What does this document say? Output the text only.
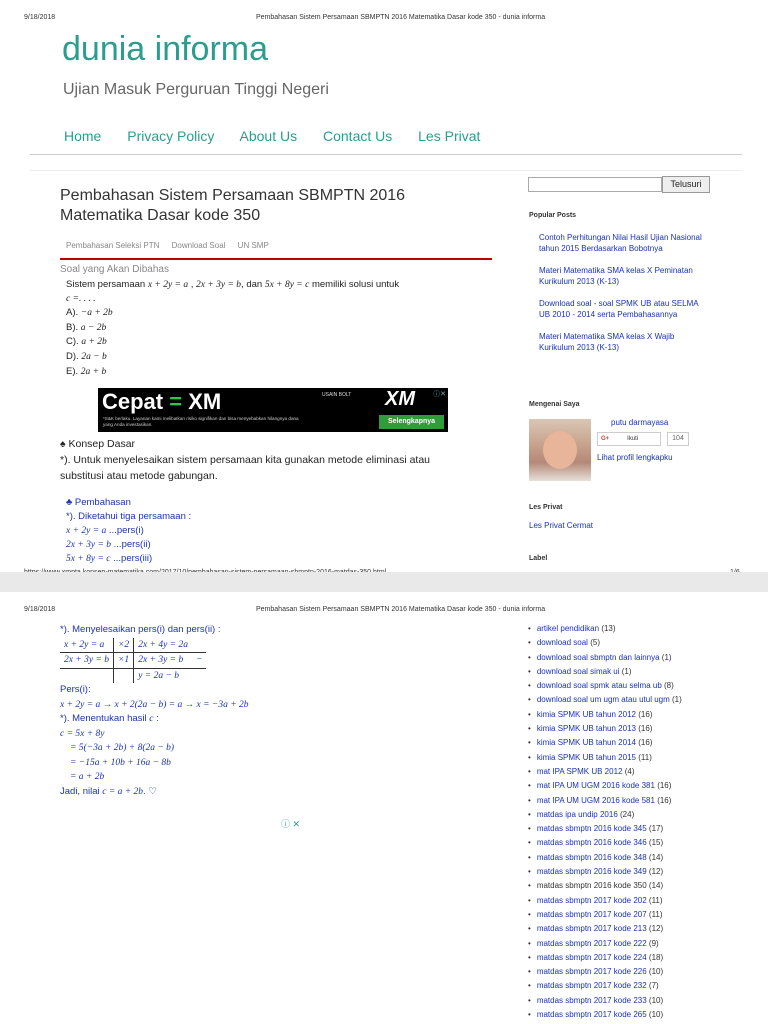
9/18/2018	Pembahasan Sistem Persamaan SBMPTN 2016 Matematika Dasar kode 350 - dunia informa
dunia informa
Ujian Masuk Perguruan Tinggi Negeri
Home Privacy Policy About Us Contact Us Les Privat
Pembahasan Sistem Persamaan SBMPTN 2016 Matematika Dasar kode 350
Pembahasan Seleksi PTN Download Soal UN SMP
Soal yang Akan Dibahas
Sistem persamaan x + 2y = a , 2x + 3y = b, dan 5x + 8y = c memiliki solusi untuk
c =. . . .
A). −a + 2b
B). a − 2b
C). a + 2b
D). 2a − b
E). 2a + b
Cepat = XM
*S&K berlaku. Layanan kami melibatkan risiko signifikan dan bisa menyebabkan hilangnya dana yang Anda investasikan.
USAIN BOLT XM
Selengkapnya
ⓘ✕
♠ Konsep Dasar
*). Untuk menyelesaikan sistem persamaan kita gunakan metode eliminasi atau substitusi atau metode gabungan.
♣ Pembahasan
*). Diketahui tiga persamaan :
x + 2y = a ...pers(i)
2x + 3y = b ...pers(ii)
5x + 8y = c ...pers(iii)
Telusuri
Popular Posts
Contoh Perhitungan Nilai Hasil Ujian Nasional tahun 2015 Berdasarkan Bobotnya
Materi Matematika SMA kelas X Peminatan Kurikulum 2013 (K-13)
Download soal - soal SPMK UB atau SELMA UB 2010 - 2014 serta Pembahasannya
Materi Matematika SMA kelas X Wajib Kurikulum 2013 (K-13)
Mengenai Saya
putu darmayasa
G+	Ikuti	104
Lihat profil lengkapku
Les Privat
Les Privat Cermat
Label
9/18/2018	Pembahasan Sistem Persamaan SBMPTN 2016 Matematika Dasar kode 350 - dunia informa
*). Menyelesaikan pers(i) dan pers(ii) :
x + 2y = a	×2	2x + 4y = 2a	
2x + 3y = b	×1	2x + 3y = b	−
		y = 2a − b	
Pers(i):
x + 2y = a → x + 2(2a − b) = a → x = −3a + 2b
*). Menentukan hasil c :
c = 5x + 8y
= 5(−3a + 2b) + 8(2a − b)
= −15a + 10b + 16a − 8b
= a + 2b
Jadi, nilai c = a + 2b. ♡
ⓘ ✕
• artikel pendidikan (13)
• download soal (5)
• download soal sbmptn dan lainnya (1)
• download soal simak ui (1)
• download soal spmk atau selma ub (8)
• download soal um ugm atau utul ugm (1)
• kimia SPMK UB tahun 2012 (16)
• kimia SPMK UB tahun 2013 (16)
• kimia SPMK UB tahun 2014 (16)
• kimia SPMK UB tahun 2015 (11)
• mat IPA SPMK UB 2012 (4)
• mat IPA UM UGM 2016 kode 381 (16)
• mat IPA UM UGM 2016 kode 581 (16)
• matdas ipa undip 2016 (24)
• matdas sbmptn 2016 kode 345 (17)
• matdas sbmptn 2016 kode 346 (15)
• matdas sbmptn 2016 kode 348 (14)
• matdas sbmptn 2016 kode 349 (12)
• matdas sbmptn 2016 kode 350 (14)
• matdas sbmptn 2017 kode 202 (11)
• matdas sbmptn 2017 kode 207 (11)
• matdas sbmptn 2017 kode 213 (12)
• matdas sbmptn 2017 kode 222 (9)
• matdas sbmptn 2017 kode 224 (18)
• matdas sbmptn 2017 kode 226 (10)
• matdas sbmptn 2017 kode 232 (7)
• matdas sbmptn 2017 kode 233 (10)
• matdas sbmptn 2017 kode 265 (10)
